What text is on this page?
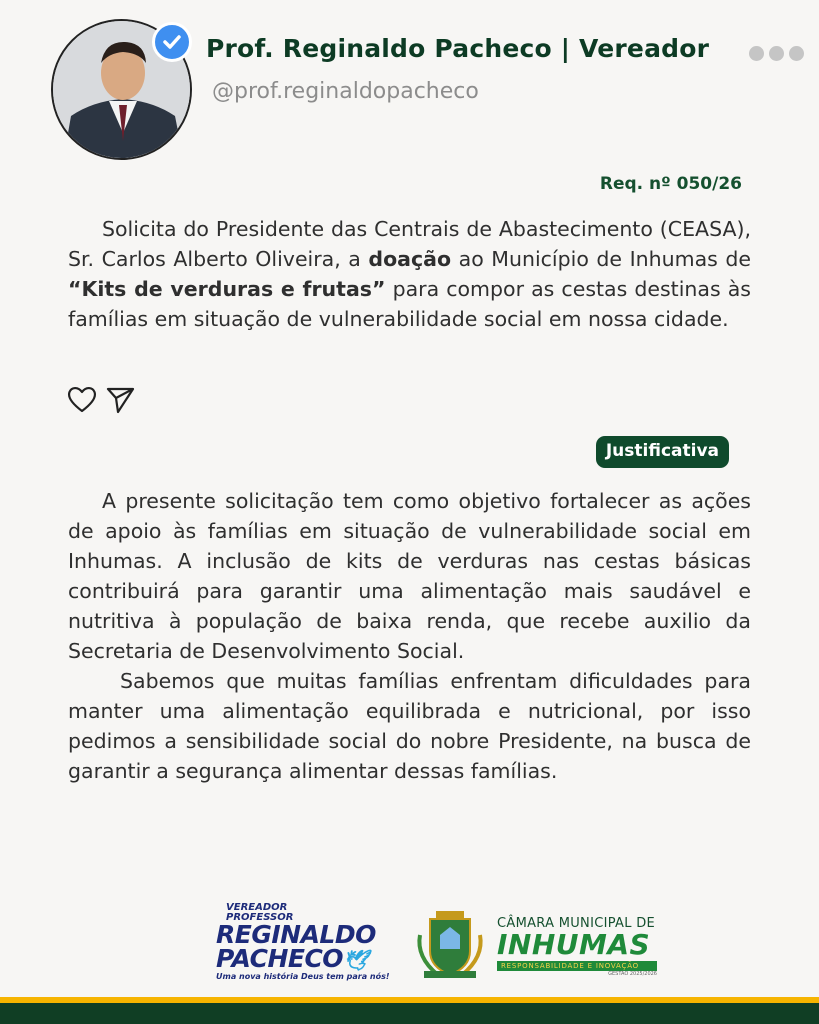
Prof. Reginaldo Pacheco | Vereador
@prof.reginaldopacheco
Req. nº 050/26
Solicita do Presidente das Centrais de Abastecimento (CEASA), Sr. Carlos Alberto Oliveira, a doação ao Município de Inhumas de “Kits de verduras e frutas” para compor as cestas destinas às famílias em situação de vulnerabilidade social em nossa cidade.
Justificativa
A presente solicitação tem como objetivo fortalecer as ações de apoio às famílias em situação de vulnerabilidade social em Inhumas. A inclusão de kits de verduras nas cestas básicas contribuirá para garantir uma alimentação mais saudável e nutritiva à população de baixa renda, que recebe auxilio da Secretaria de Desenvolvimento Social.
Sabemos que muitas famílias enfrentam dificuldades para manter uma alimentação equilibrada e nutricional, por isso pedimos a sensibilidade social do nobre Presidente, na busca de garantir a segurança alimentar dessas famílias.
VEREADOR
PROFESSOR
REGINALDO
PACHECO🕊
Uma nova história Deus tem para nós!
CÂMARA MUNICIPAL DE
INHUMAS
RESPONSABILIDADE E INOVAÇÃO
GESTÃO 2025/2026
